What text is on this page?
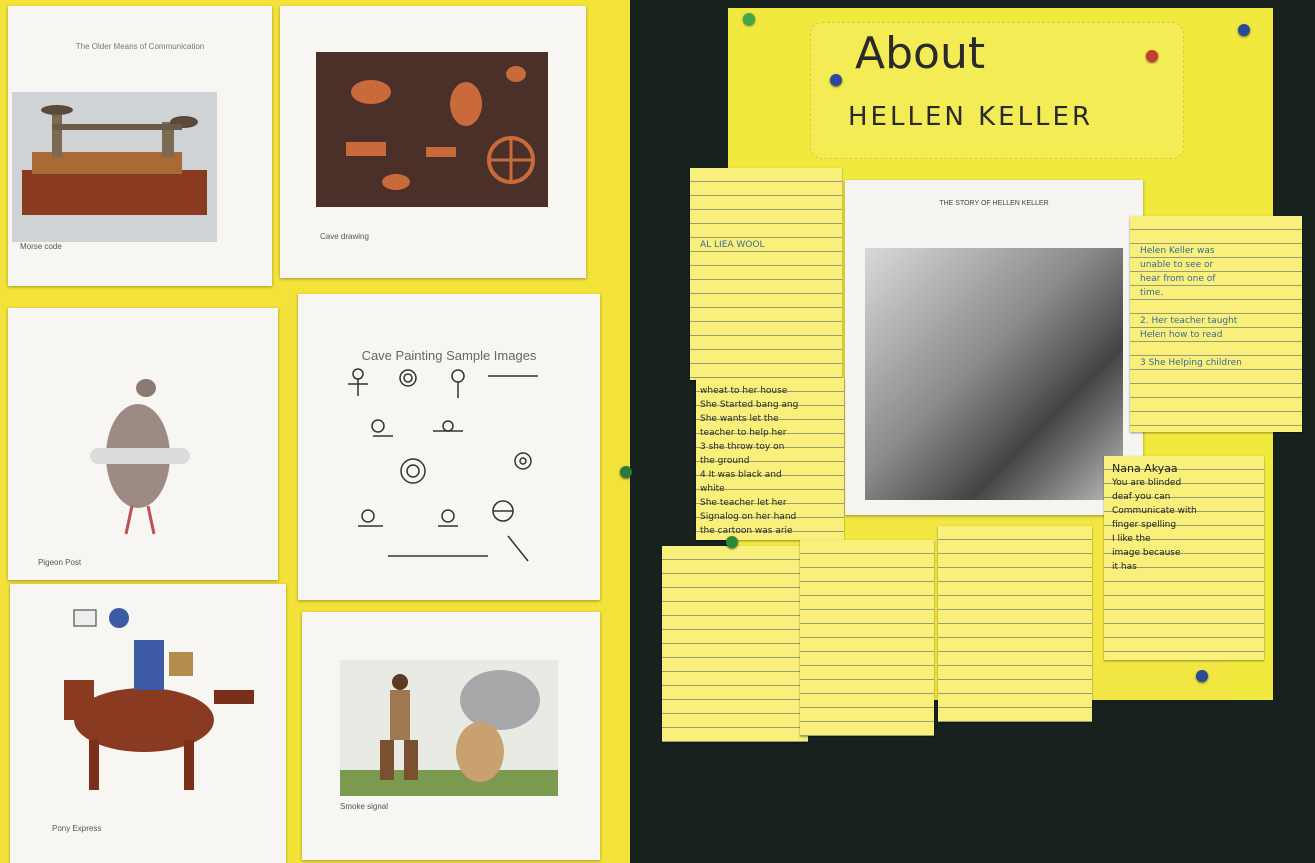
The Older Means of Communication
Morse code
Cave drawing
Pigeon Post
Cave Painting Sample Images
Pony Express
Smoke signal
About
HELLEN KELLER
AL LIEA WOOL
THE STORY OF HELLEN KELLER
Helen Keller was
unable to see or
hear from one of
time.
2. Her teacher taught
Helen how to read
3 She Helping children
wheat to her house
She Started bang ang
She wants let the
teacher to help her
3 she throw toy on
the ground
4 It was black and
white
She teacher let her
Signalog on her hand
the cartoon was arie
Nana Akyaa
You are blinded
deaf you can
Communicate with
finger spelling
I like the
image because
it has
